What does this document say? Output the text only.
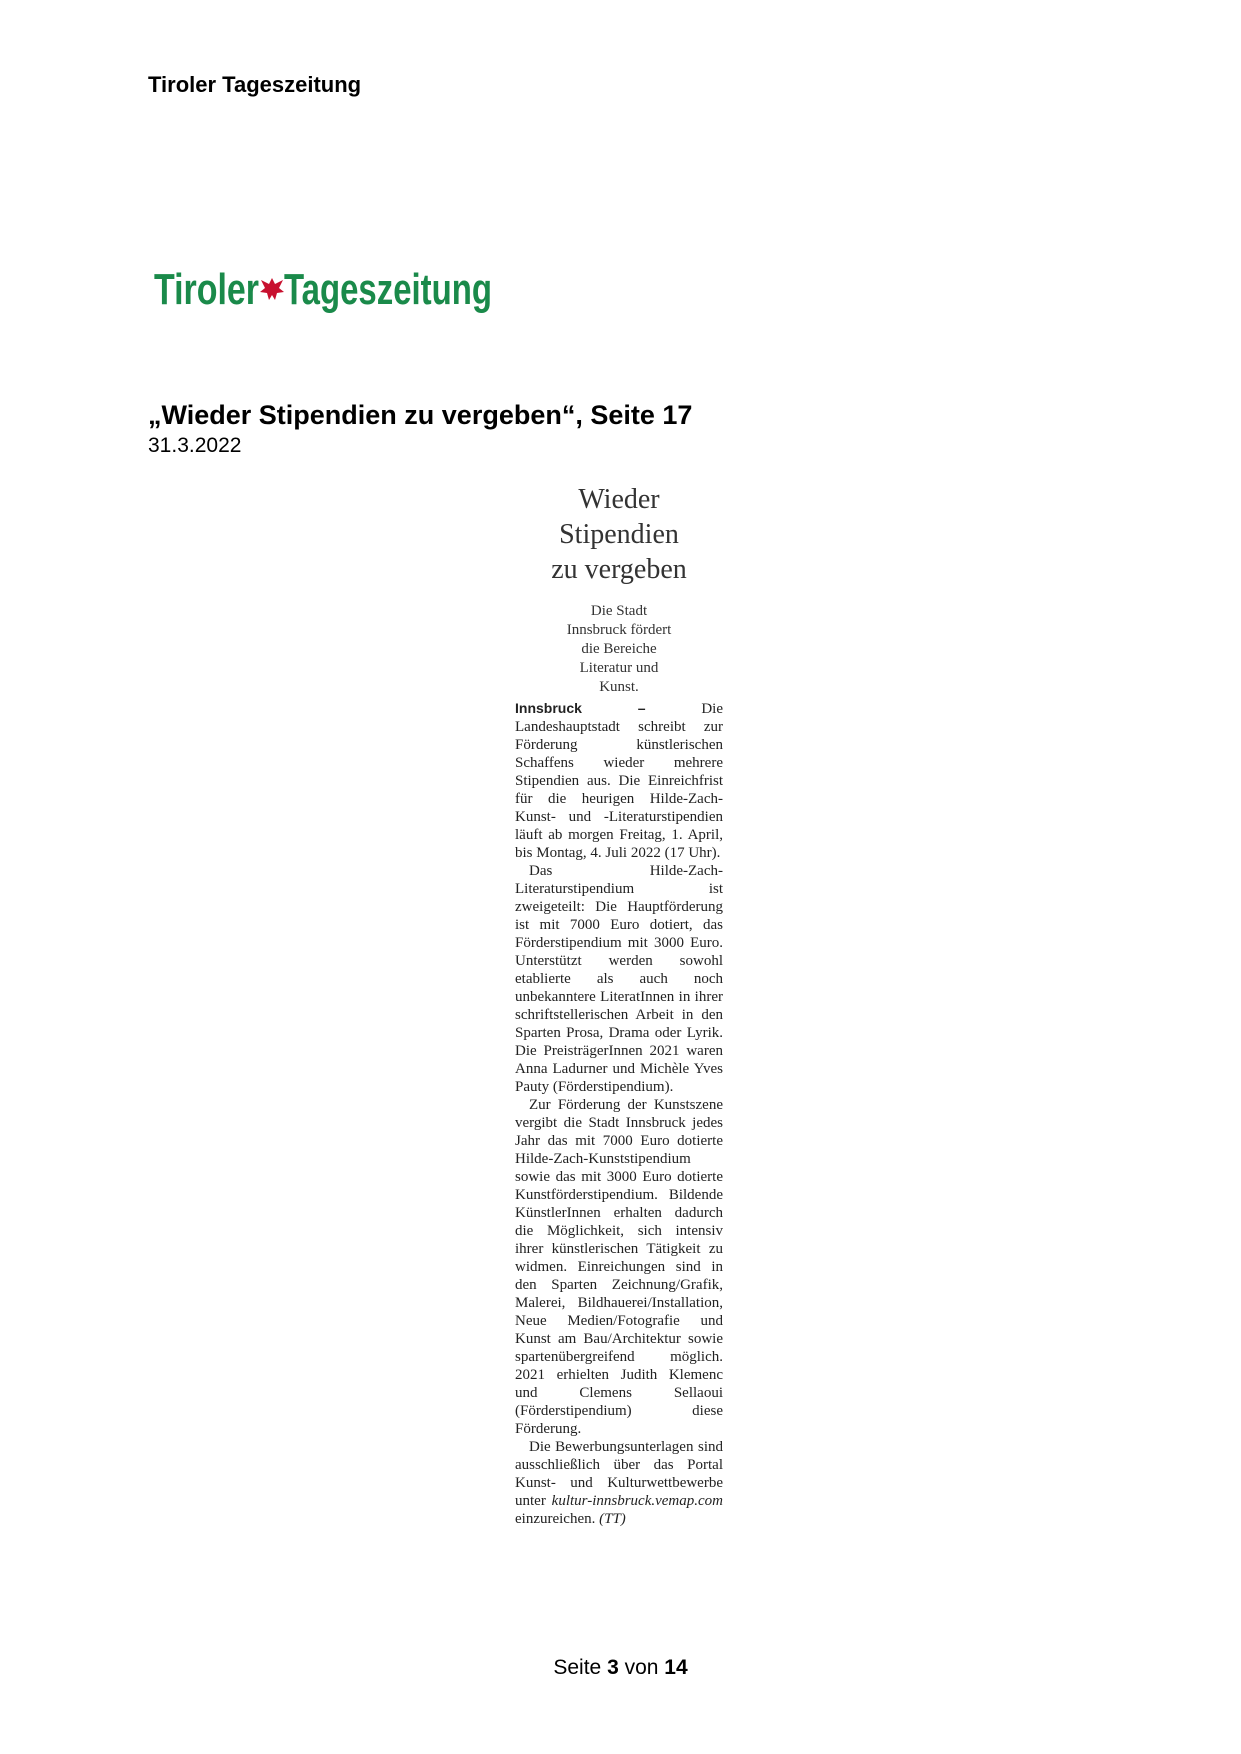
Tiroler Tageszeitung
Tiroler Tageszeitung
„Wieder Stipendien zu vergeben“, Seite 17
31.3.2022
Wieder
Stipendien
zu vergeben
Die Stadt
Innsbruck fördert
die Bereiche
Literatur und
Kunst.

Innsbruck – Die Landeshauptstadt schreibt zur Förderung künstlerischen Schaffens wieder mehrere Stipendien aus. Die Einreichfrist für die heurigen Hilde-Zach-Kunst- und -Literaturstipendien läuft ab morgen Freitag, 1. April, bis Montag, 4. Juli 2022 (17 Uhr).

Das Hilde-Zach-Literaturstipendium ist zweigeteilt: Die Hauptförderung ist mit 7000 Euro dotiert, das Förderstipendium mit 3000 Euro. Unterstützt werden sowohl etablierte als auch noch unbekanntere LiteratInnen in ihrer schriftstellerischen Arbeit in den Sparten Prosa, Drama oder Lyrik. Die PreisträgerInnen 2021 waren Anna Ladurner und Michèle Yves Pauty (Förderstipendium).

Zur Förderung der Kunstszene vergibt die Stadt Innsbruck jedes Jahr das mit 7000 Euro dotierte Hilde-Zach-Kunststipendium sowie das mit 3000 Euro dotierte Kunstförderstipendium. Bildende KünstlerInnen erhalten dadurch die Möglichkeit, sich intensiv ihrer künstlerischen Tätigkeit zu widmen. Einreichungen sind in den Sparten Zeichnung/Grafik, Malerei, Bildhauerei/Installation, Neue Medien/Fotografie und Kunst am Bau/Architektur sowie spartenübergreifend möglich. 2021 erhielten Judith Klemenc und Clemens Sellaoui (Förderstipendium) diese Förderung.

Die Bewerbungsunterlagen sind ausschließlich über das Portal Kunst- und Kulturwettbewerbe unter kultur-innsbruck.vemap.com einzureichen. (TT)

Seite 3 von 14
